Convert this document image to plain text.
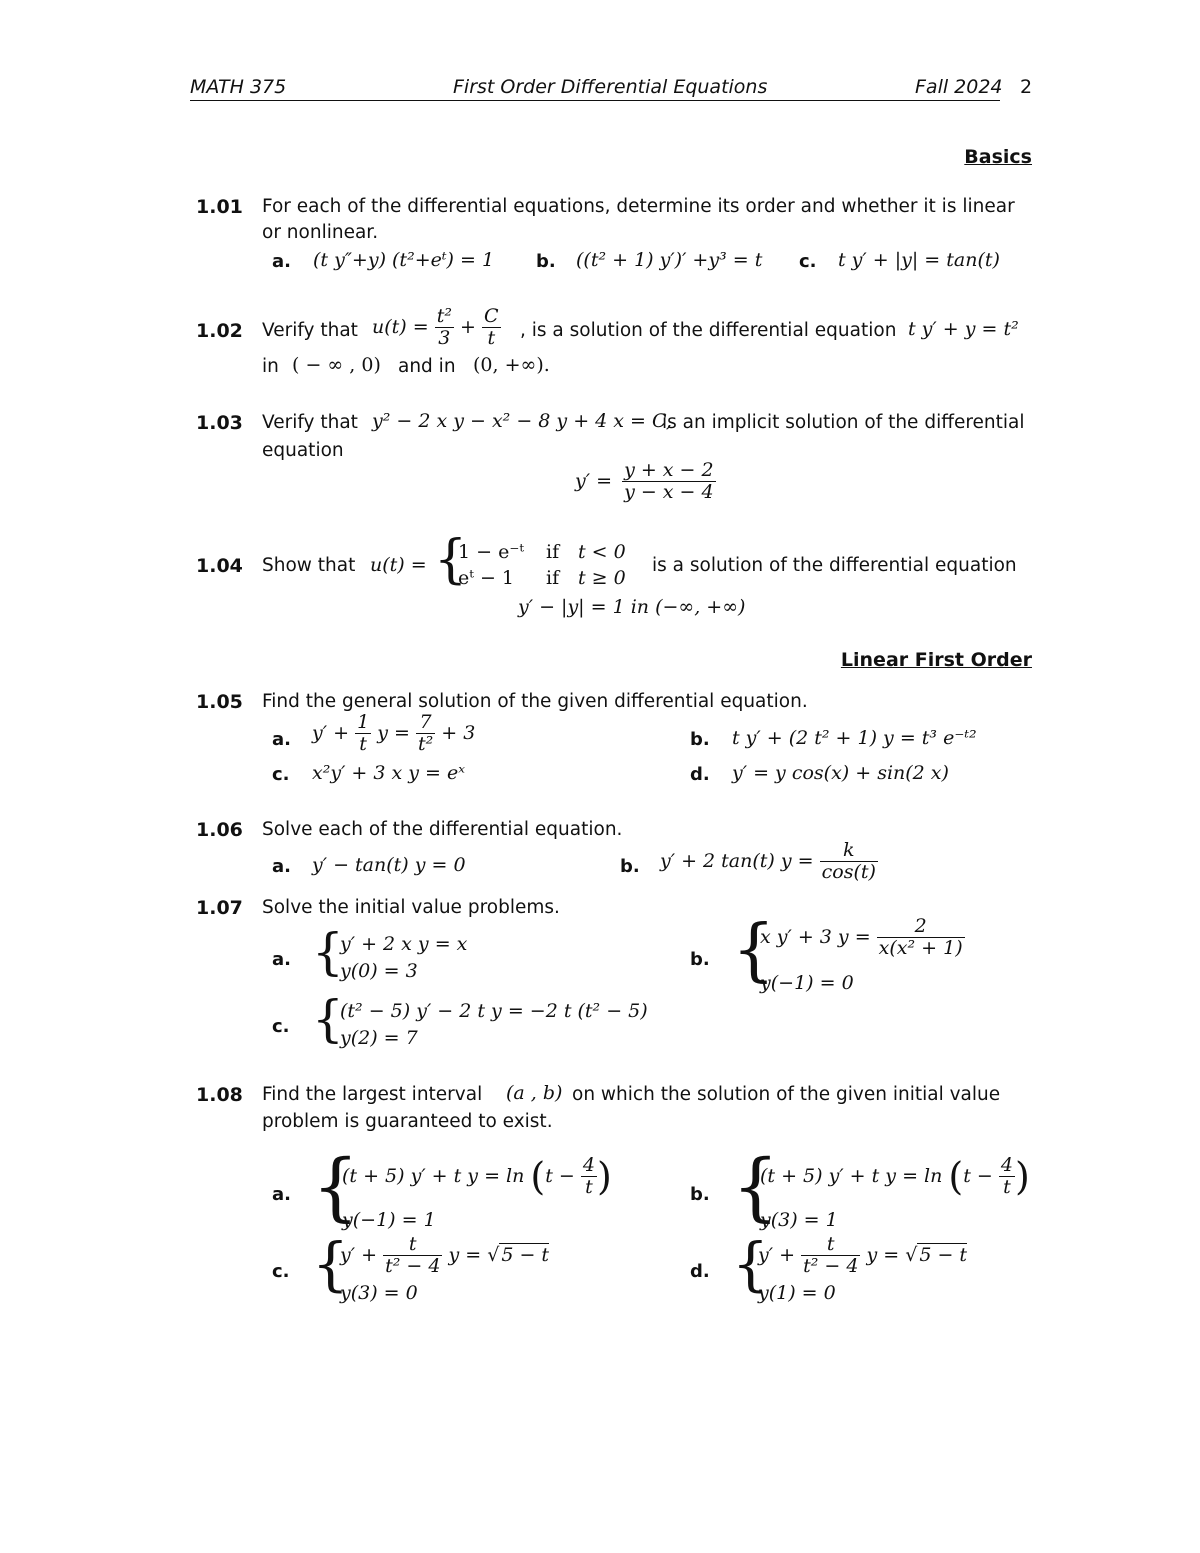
MATH 375	First Order Differential Equations	Fall 2024 2
Basics
1.01 For each of the differential equations, determine its order and whether it is linear
or nonlinear.
a. (t y″+y) (t²+eᵗ) = 1 b. ((t² + 1) y′)′ +y³ = t c. t y′ + |y| = tan(t)
1.02 Verify that $u(t) = \frac{\text{t²}}{3} + \frac{C}{t}$ , is a solution of the differential equation t y′ + y = t²
in ( − ∞ , 0) and in (0, +∞).
1.03 Verify that y² − 2 x y − x² − 8 y + 4 x = C,
is an implicit solution of the differential
equation
$y' = \frac{y + x - 2}{y - x - 4}$
1.04 Show that u(t) = {
1 − e⁻ᵗ if t < 0
eᵗ − 1 if t ≥ 0
is a solution of the differential equation
y′ − |y| = 1 in (−∞, +∞)
Linear First Order
1.05 Find the general solution of the given differential equation.
a. $y' + \frac{1}{t}$ $y = \frac{7}{\text{t²}} + 3$	b. t y′ + (2 t² + 1) y = t³ e⁻ᵗ²
c. x²y′ + 3 x y = eˣ	d. y′ = y cos(x) + sin(2 x)
1.06 Solve each of the differential equation.
a. y′ − tan(t) y = 0	b. y′ + 2 tan(t) $y = \frac{k}{\cos(t)}$
1.07 Solve the initial value problems.
a. {
y′ + 2 x y = x
y(0) = 3
b. {
x y′ + 3 $y = \frac{2}{\text{x(x² + 1)}}$
y(−1) = 0
c. {
(t² − 5) y′ − 2 t y = −2 t (t² − 5)
y(2) = 7
1.08 Find the largest interval (a , b) on which the solution of the given initial value
problem is guaranteed to exist.
a. {
(t + 5) y′ + t $y = \ln (t - \frac{4}{t}$ )
y(−1) = 1
b. {
(t + 5) y′ + t $y = \ln (t - \frac{4}{t}$ )
y(3) = 1
c. {
$y' + \frac{t}{\text{t² − 4}}$ y = √ 5 − t
y(3) = 0
d. {
$y' + \frac{t}{\text{t² − 4}}$ y = √ 5 − t
y(1) = 0
